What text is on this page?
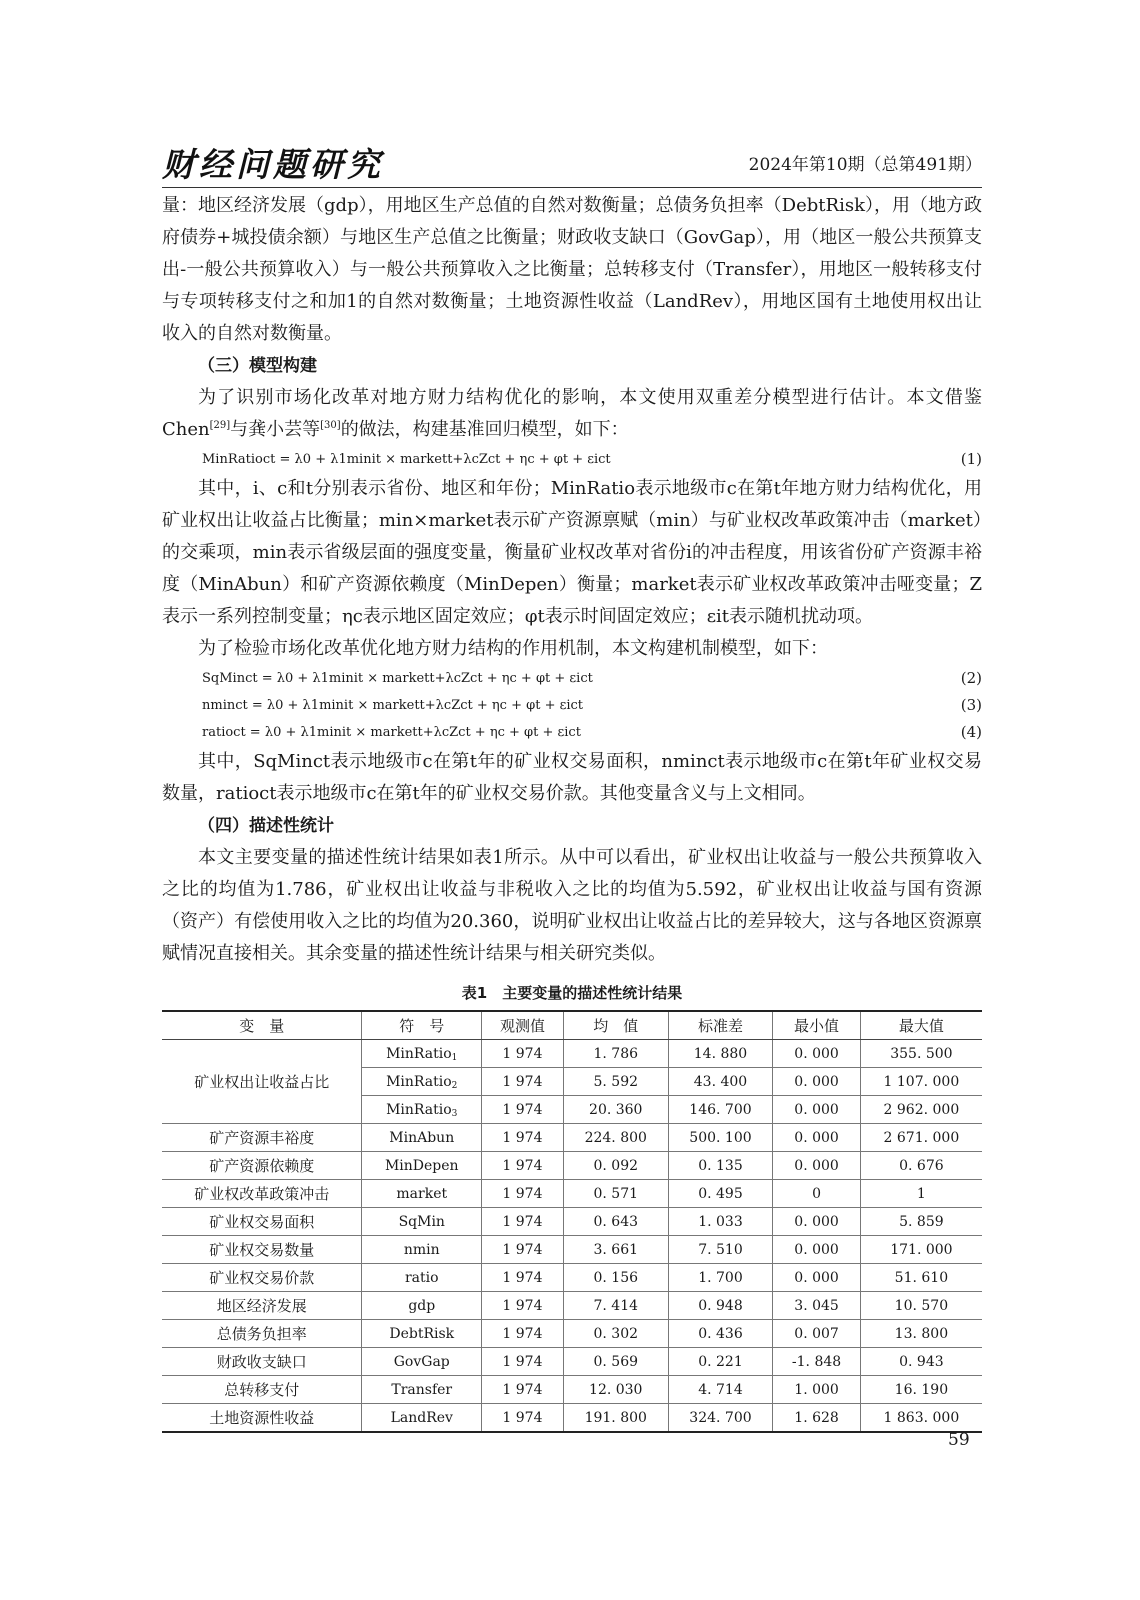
财经问题研究	2024年第10期（总第491期）

量：地区经济发展（gdp），用地区生产总值的自然对数衡量；总债务负担率（DebtRisk），用（地方政府债券+城投债余额）与地区生产总值之比衡量；财政收支缺口（GovGap），用（地区一般公共预算支出-一般公共预算收入）与一般公共预算收入之比衡量；总转移支付（Transfer），用地区一般转移支付与专项转移支付之和加1的自然对数衡量；土地资源性收益（LandRev），用地区国有土地使用权出让收入的自然对数衡量。

（三）模型构建

为了识别市场化改革对地方财力结构优化的影响，本文使用双重差分模型进行估计。本文借鉴Chen[29]与龚小芸等[30]的做法，构建基准回归模型，如下：

MinRatioct = λ0 + λ1minit × markett+λcZct + ηc + φt + εict	(1)

其中，i、c和t分别表示省份、地区和年份；MinRatio表示地级市c在第t年地方财力结构优化，用矿业权出让收益占比衡量；min×market表示矿产资源禀赋（min）与矿业权改革政策冲击（market）的交乘项，min表示省级层面的强度变量，衡量矿业权改革对省份i的冲击程度，用该省份矿产资源丰裕度（MinAbun）和矿产资源依赖度（MinDepen）衡量；market表示矿业权改革政策冲击哑变量；Z表示一系列控制变量；ηc表示地区固定效应；φt表示时间固定效应；εit表示随机扰动项。

为了检验市场化改革优化地方财力结构的作用机制，本文构建机制模型，如下：

SqMinct = λ0 + λ1minit × markett+λcZct + ηc + φt + εict	(2)
nminct = λ0 + λ1minit × markett+λcZct + ηc + φt + εict	(3)
ratioct = λ0 + λ1minit × markett+λcZct + ηc + φt + εict	(4)

其中，SqMinct表示地级市c在第t年的矿业权交易面积，nminct表示地级市c在第t年矿业权交易数量，ratioct表示地级市c在第t年的矿业权交易价款。其他变量含义与上文相同。

（四）描述性统计

本文主要变量的描述性统计结果如表1所示。从中可以看出，矿业权出让收益与一般公共预算收入之比的均值为1.786，矿业权出让收益与非税收入之比的均值为5.592，矿业权出让收益与国有资源（资产）有偿使用收入之比的均值为20.360，说明矿业权出让收益占比的差异较大，这与各地区资源禀赋情况直接相关。其余变量的描述性统计结果与相关研究类似。

表1　主要变量的描述性统计结果
变　量	符　号	观测值	均　值	标准差	最小值	最大值
矿业权出让收益占比	MinRatio$_1$	1 974	1. 786	14. 880	0. 000	355. 500
	MinRatio$_2$	1 974	5. 592	43. 400	0. 000	1 107. 000
	MinRatio$_3$	1 974	20. 360	146. 700	0. 000	2 962. 000
矿产资源丰裕度	MinAbun	1 974	224. 800	500. 100	0. 000	2 671. 000
矿产资源依赖度	MinDepen	1 974	0. 092	0. 135	0. 000	0. 676
矿业权改革政策冲击	market	1 974	0. 571	0. 495	0	1
矿业权交易面积	SqMin	1 974	0. 643	1. 033	0. 000	5. 859
矿业权交易数量	nmin	1 974	3. 661	7. 510	0. 000	171. 000
矿业权交易价款	ratio	1 974	0. 156	1. 700	0. 000	51. 610
地区经济发展	gdp	1 974	7. 414	0. 948	3. 045	10. 570
总债务负担率	DebtRisk	1 974	0. 302	0. 436	0. 007	13. 800
财政收支缺口	GovGap	1 974	0. 569	0. 221	-1. 848	0. 943
总转移支付	Transfer	1 974	12. 030	4. 714	1. 000	16. 190
土地资源性收益	LandRev	1 974	191. 800	324. 700	1. 628	1 863. 000
59
